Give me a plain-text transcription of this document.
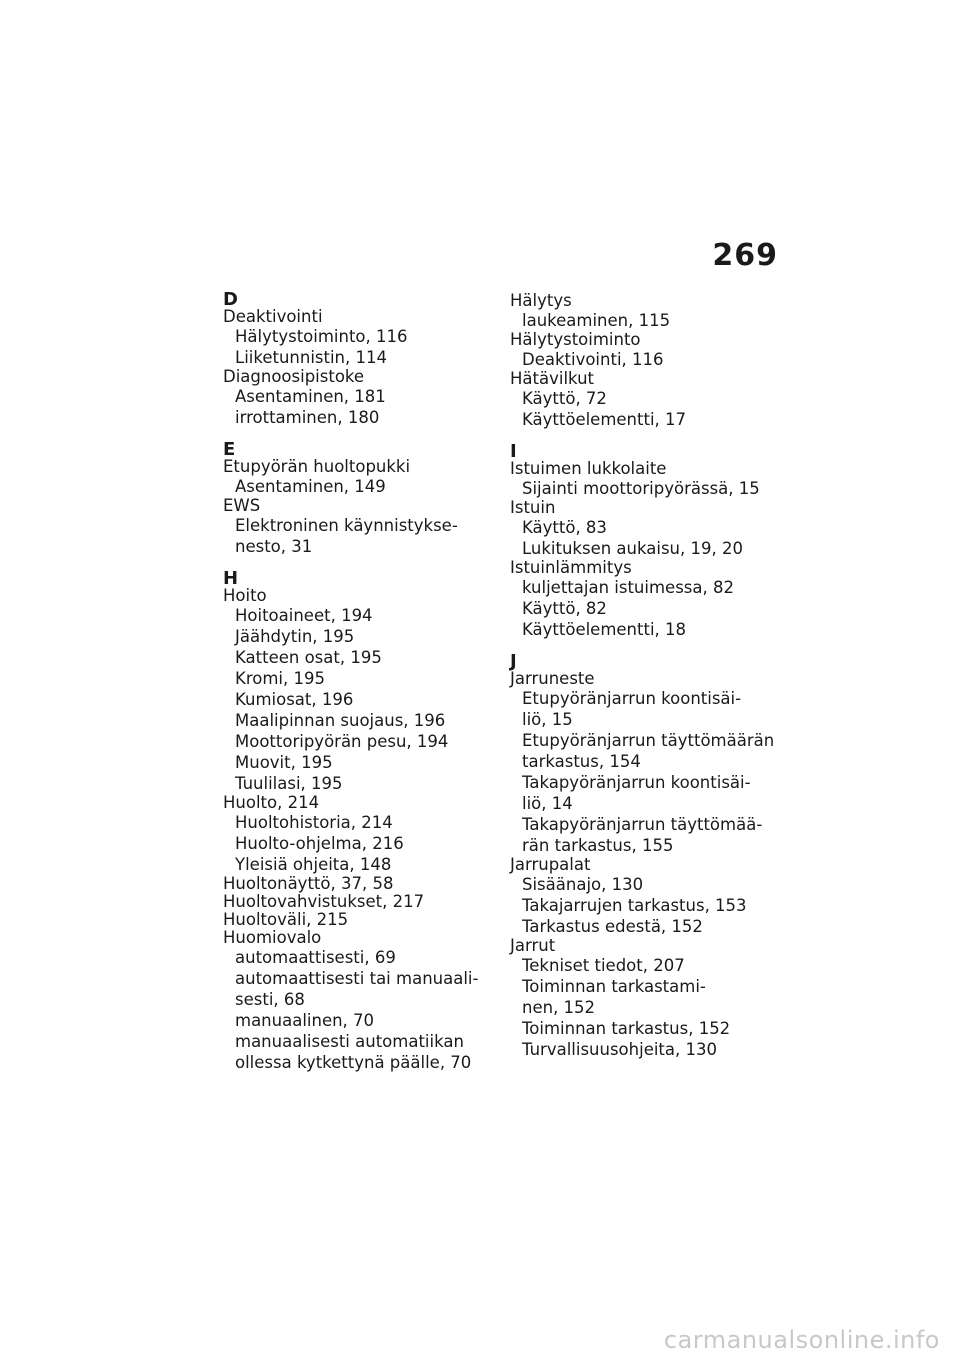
269
D
Deaktivointi
Hälytystoiminto, 116
Liiketunnistin, 114
Diagnoosipistoke
Asentaminen, 181
irrottaminen, 180
E
Etupyörän huoltopukki
Asentaminen, 149
EWS
Elektroninen käynnistykse-
nesto, 31
H
Hoito
Hoitoaineet, 194
Jäähdytin, 195
Katteen osat, 195
Kromi, 195
Kumiosat, 196
Maalipinnan suojaus, 196
Moottoripyörän pesu, 194
Muovit, 195
Tuulilasi, 195
Huolto, 214
Huoltohistoria, 214
Huolto-ohjelma, 216
Yleisiä ohjeita, 148
Huoltonäyttö, 37, 58
Huoltovahvistukset, 217
Huoltoväli, 215
Huomiovalo
automaattisesti, 69
automaattisesti tai manuaali-
sesti, 68
manuaalinen, 70
manuaalisesti automatiikan
ollessa kytkettynä päälle, 70
Hälytys
laukeaminen, 115
Hälytystoiminto
Deaktivointi, 116
Hätävilkut
Käyttö, 72
Käyttöelementti, 17
I
Istuimen lukkolaite
Sijainti moottoripyörässä, 15
Istuin
Käyttö, 83
Lukituksen aukaisu, 19, 20
Istuinlämmitys
kuljettajan istuimessa, 82
Käyttö, 82
Käyttöelementti, 18
J
Jarruneste
Etupyöränjarrun koontisäi-
liö, 15
Etupyöränjarrun täyttömäärän
tarkastus, 154
Takapyöränjarrun koontisäi-
liö, 14
Takapyöränjarrun täyttömää-
rän tarkastus, 155
Jarrupalat
Sisäänajo, 130
Takajarrujen tarkastus, 153
Tarkastus edestä, 152
Jarrut
Tekniset tiedot, 207
Toiminnan tarkastami-
nen, 152
Toiminnan tarkastus, 152
Turvallisuusohjeita, 130
carmanualsonline.info
